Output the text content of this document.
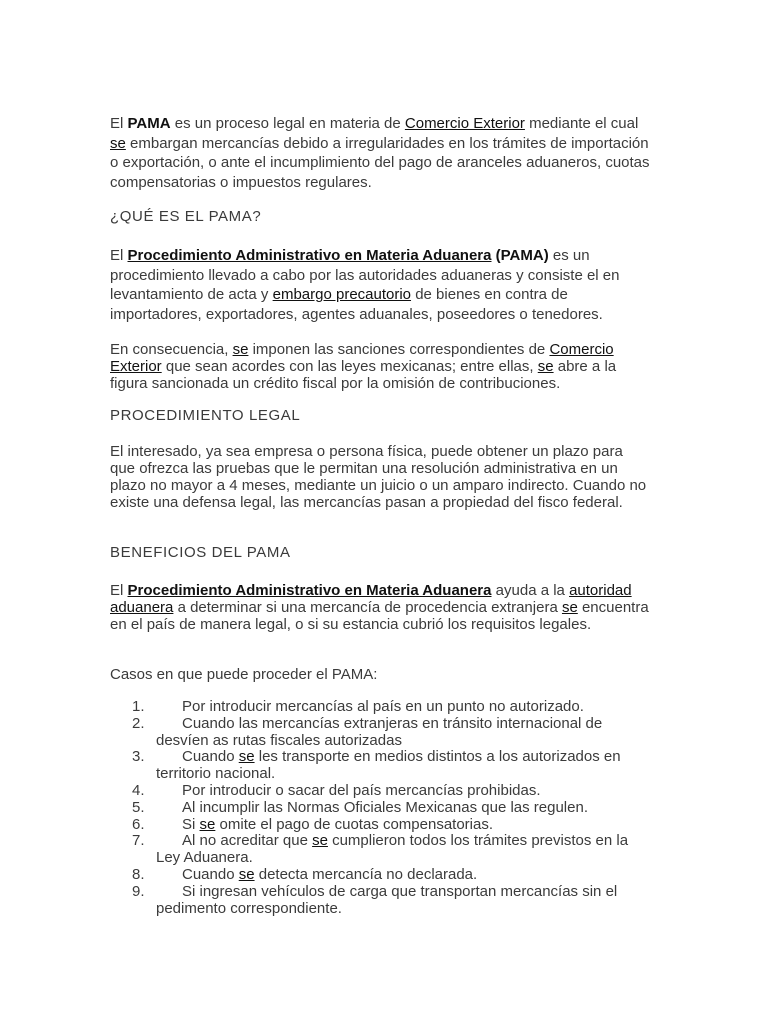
El PAMA es un proceso legal en materia de Comercio Exterior mediante el cual se embargan mercancías debido a irregularidades en los trámites de importación o exportación, o ante el incumplimiento del pago de aranceles aduaneros, cuotas compensatorias o impuestos regulares.

¿QUÉ ES EL PAMA?

El Procedimiento Administrativo en Materia Aduanera (PAMA) es un procedimiento llevado a cabo por las autoridades aduaneras y consiste el en levantamiento de acta y embargo precautorio de bienes en contra de importadores, exportadores, agentes aduanales, poseedores o tenedores.

En consecuencia, se imponen las sanciones correspondientes de Comercio Exterior que sean acordes con las leyes mexicanas; entre ellas, se abre a la figura sancionada un crédito fiscal por la omisión de contribuciones.

PROCEDIMIENTO LEGAL

El interesado, ya sea empresa o persona física, puede obtener un plazo para que ofrezca las pruebas que le permitan una resolución administrativa en un plazo no mayor a 4 meses, mediante un juicio o un amparo indirecto. Cuando no existe una defensa legal, las mercancías pasan a propiedad del fisco federal.

BENEFICIOS DEL PAMA

El Procedimiento Administrativo en Materia Aduanera ayuda a la autoridad aduanera a determinar si una mercancía de procedencia extranjera se encuentra en el país de manera legal, o si su estancia cubrió los requisitos legales.

Casos en que puede proceder el PAMA:

1. Por introducir mercancías al país en un punto no autorizado.
2. Cuando las mercancías extranjeras en tránsito internacional de desvíen as rutas fiscales autorizadas
3. Cuando se les transporte en medios distintos a los autorizados en territorio nacional.
4. Por introducir o sacar del país mercancías prohibidas.
5. Al incumplir las Normas Oficiales Mexicanas que las regulen.
6. Si se omite el pago de cuotas compensatorias.
7. Al no acreditar que se cumplieron todos los trámites previstos en la Ley Aduanera.
8. Cuando se detecta mercancía no declarada.
9. Si ingresan vehículos de carga que transportan mercancías sin el pedimento correspondiente.
